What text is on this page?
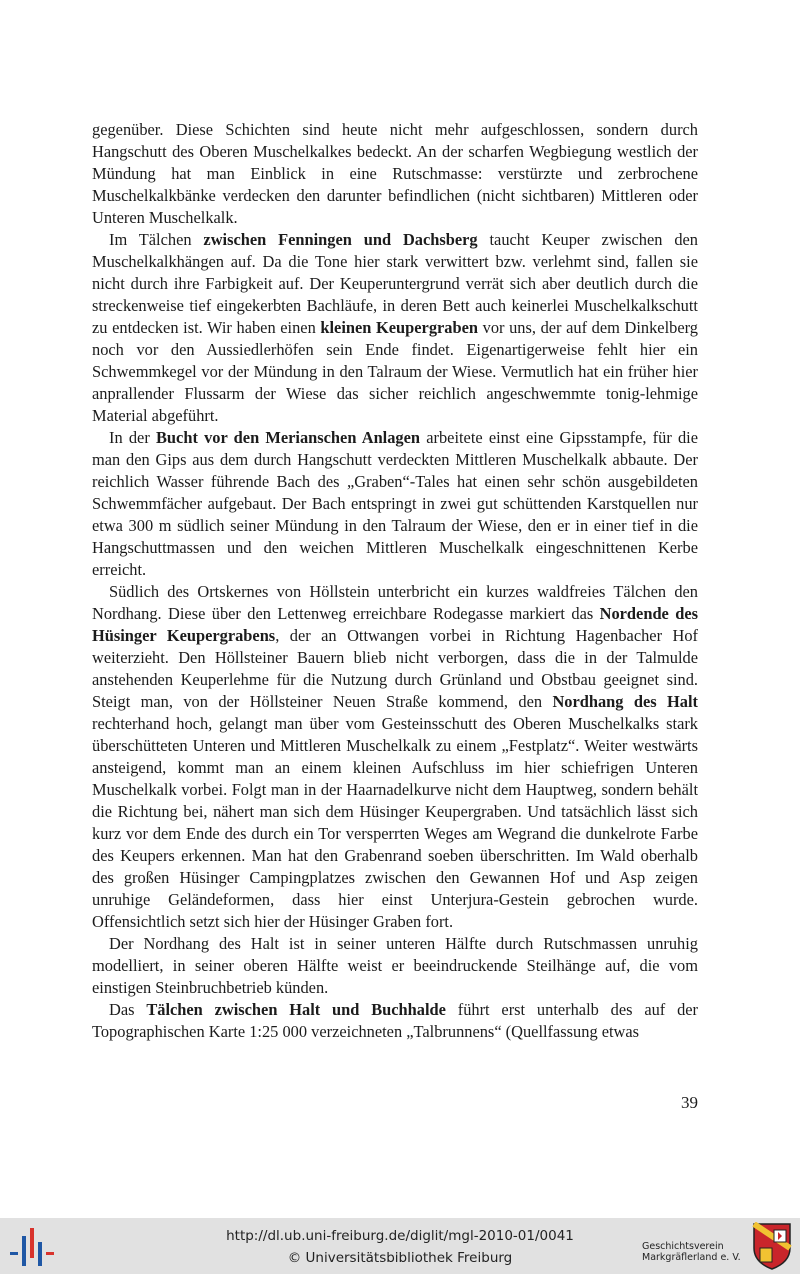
gegenüber. Diese Schichten sind heute nicht mehr aufgeschlossen, sondern durch Hangschutt des Oberen Muschelkalkes bedeckt. An der scharfen Wegbiegung westlich der Mündung hat man Einblick in eine Rutschmasse: verstürzte und zerbrochene Muschelkalkbänke verdecken den darunter befindlichen (nicht sichtbaren) Mittleren oder Unteren Muschelkalk.

Im Tälchen zwischen Fenningen und Dachsberg taucht Keuper zwischen den Muschelkalkhängen auf. Da die Tone hier stark verwittert bzw. verlehmt sind, fallen sie nicht durch ihre Farbigkeit auf. Der Keuperuntergrund verrät sich aber deutlich durch die streckenweise tief eingekerbten Bachläufe, in deren Bett auch keinerlei Muschelkalkschutt zu entdecken ist. Wir haben einen kleinen Keupergraben vor uns, der auf dem Dinkelberg noch vor den Aussiedlerhöfen sein Ende findet. Eigenartigerweise fehlt hier ein Schwemmkegel vor der Mündung in den Talraum der Wiese. Vermutlich hat ein früher hier anprallender Flussarm der Wiese das sicher reichlich angeschwemmte tonig-lehmige Material abgeführt.

In der Bucht vor den Merianschen Anlagen arbeitete einst eine Gipsstampfe, für die man den Gips aus dem durch Hangschutt verdeckten Mittleren Muschelkalk abbaute. Der reichlich Wasser führende Bach des „Graben“-Tales hat einen sehr schön ausgebildeten Schwemmfächer aufgebaut. Der Bach entspringt in zwei gut schüttenden Karstquellen nur etwa 300 m südlich seiner Mündung in den Talraum der Wiese, den er in einer tief in die Hangschuttmassen und den weichen Mittleren Muschelkalk eingeschnittenen Kerbe erreicht.

Südlich des Ortskernes von Höllstein unterbricht ein kurzes waldfreies Tälchen den Nordhang. Diese über den Lettenweg erreichbare Rodegasse markiert das Nordende des Hüsinger Keupergrabens, der an Ottwangen vorbei in Richtung Hagenbacher Hof weiterzieht. Den Höllsteiner Bauern blieb nicht verborgen, dass die in der Talmulde anstehenden Keuperlehme für die Nutzung durch Grünland und Obstbau geeignet sind. Steigt man, von der Höllsteiner Neuen Straße kommend, den Nordhang des Halt rechterhand hoch, gelangt man über vom Gesteinsschutt des Oberen Muschelkalks stark überschütteten Unteren und Mittleren Muschelkalk zu einem „Festplatz“. Weiter westwärts ansteigend, kommt man an einem kleinen Aufschluss im hier schiefrigen Unteren Muschelkalk vorbei. Folgt man in der Haarnadelkurve nicht dem Hauptweg, sondern behält die Richtung bei, nähert man sich dem Hüsinger Keupergraben. Und tatsächlich lässt sich kurz vor dem Ende des durch ein Tor versperrten Weges am Wegrand die dunkelrote Farbe des Keupers erkennen. Man hat den Grabenrand soeben überschritten. Im Wald oberhalb des großen Hüsinger Campingplatzes zwischen den Gewannen Hof und Asp zeigen unruhige Geländeformen, dass hier einst Unterjura-Gestein gebrochen wurde. Offensichtlich setzt sich hier der Hüsinger Graben fort.

Der Nordhang des Halt ist in seiner unteren Hälfte durch Rutschmassen unruhig modelliert, in seiner oberen Hälfte weist er beeindruckende Steilhänge auf, die vom einstigen Steinbruchbetrieb künden.

Das Tälchen zwischen Halt und Buchhalde führt erst unterhalb des auf der Topographischen Karte 1:25 000 verzeichneten „Talbrunnens“ (Quellfassung etwas

39
http://dl.ub.uni-freiburg.de/diglit/mgl-2010-01/0041
© Universitätsbibliothek Freiburg
Geschichtsverein
Markgräflerland e. V.
